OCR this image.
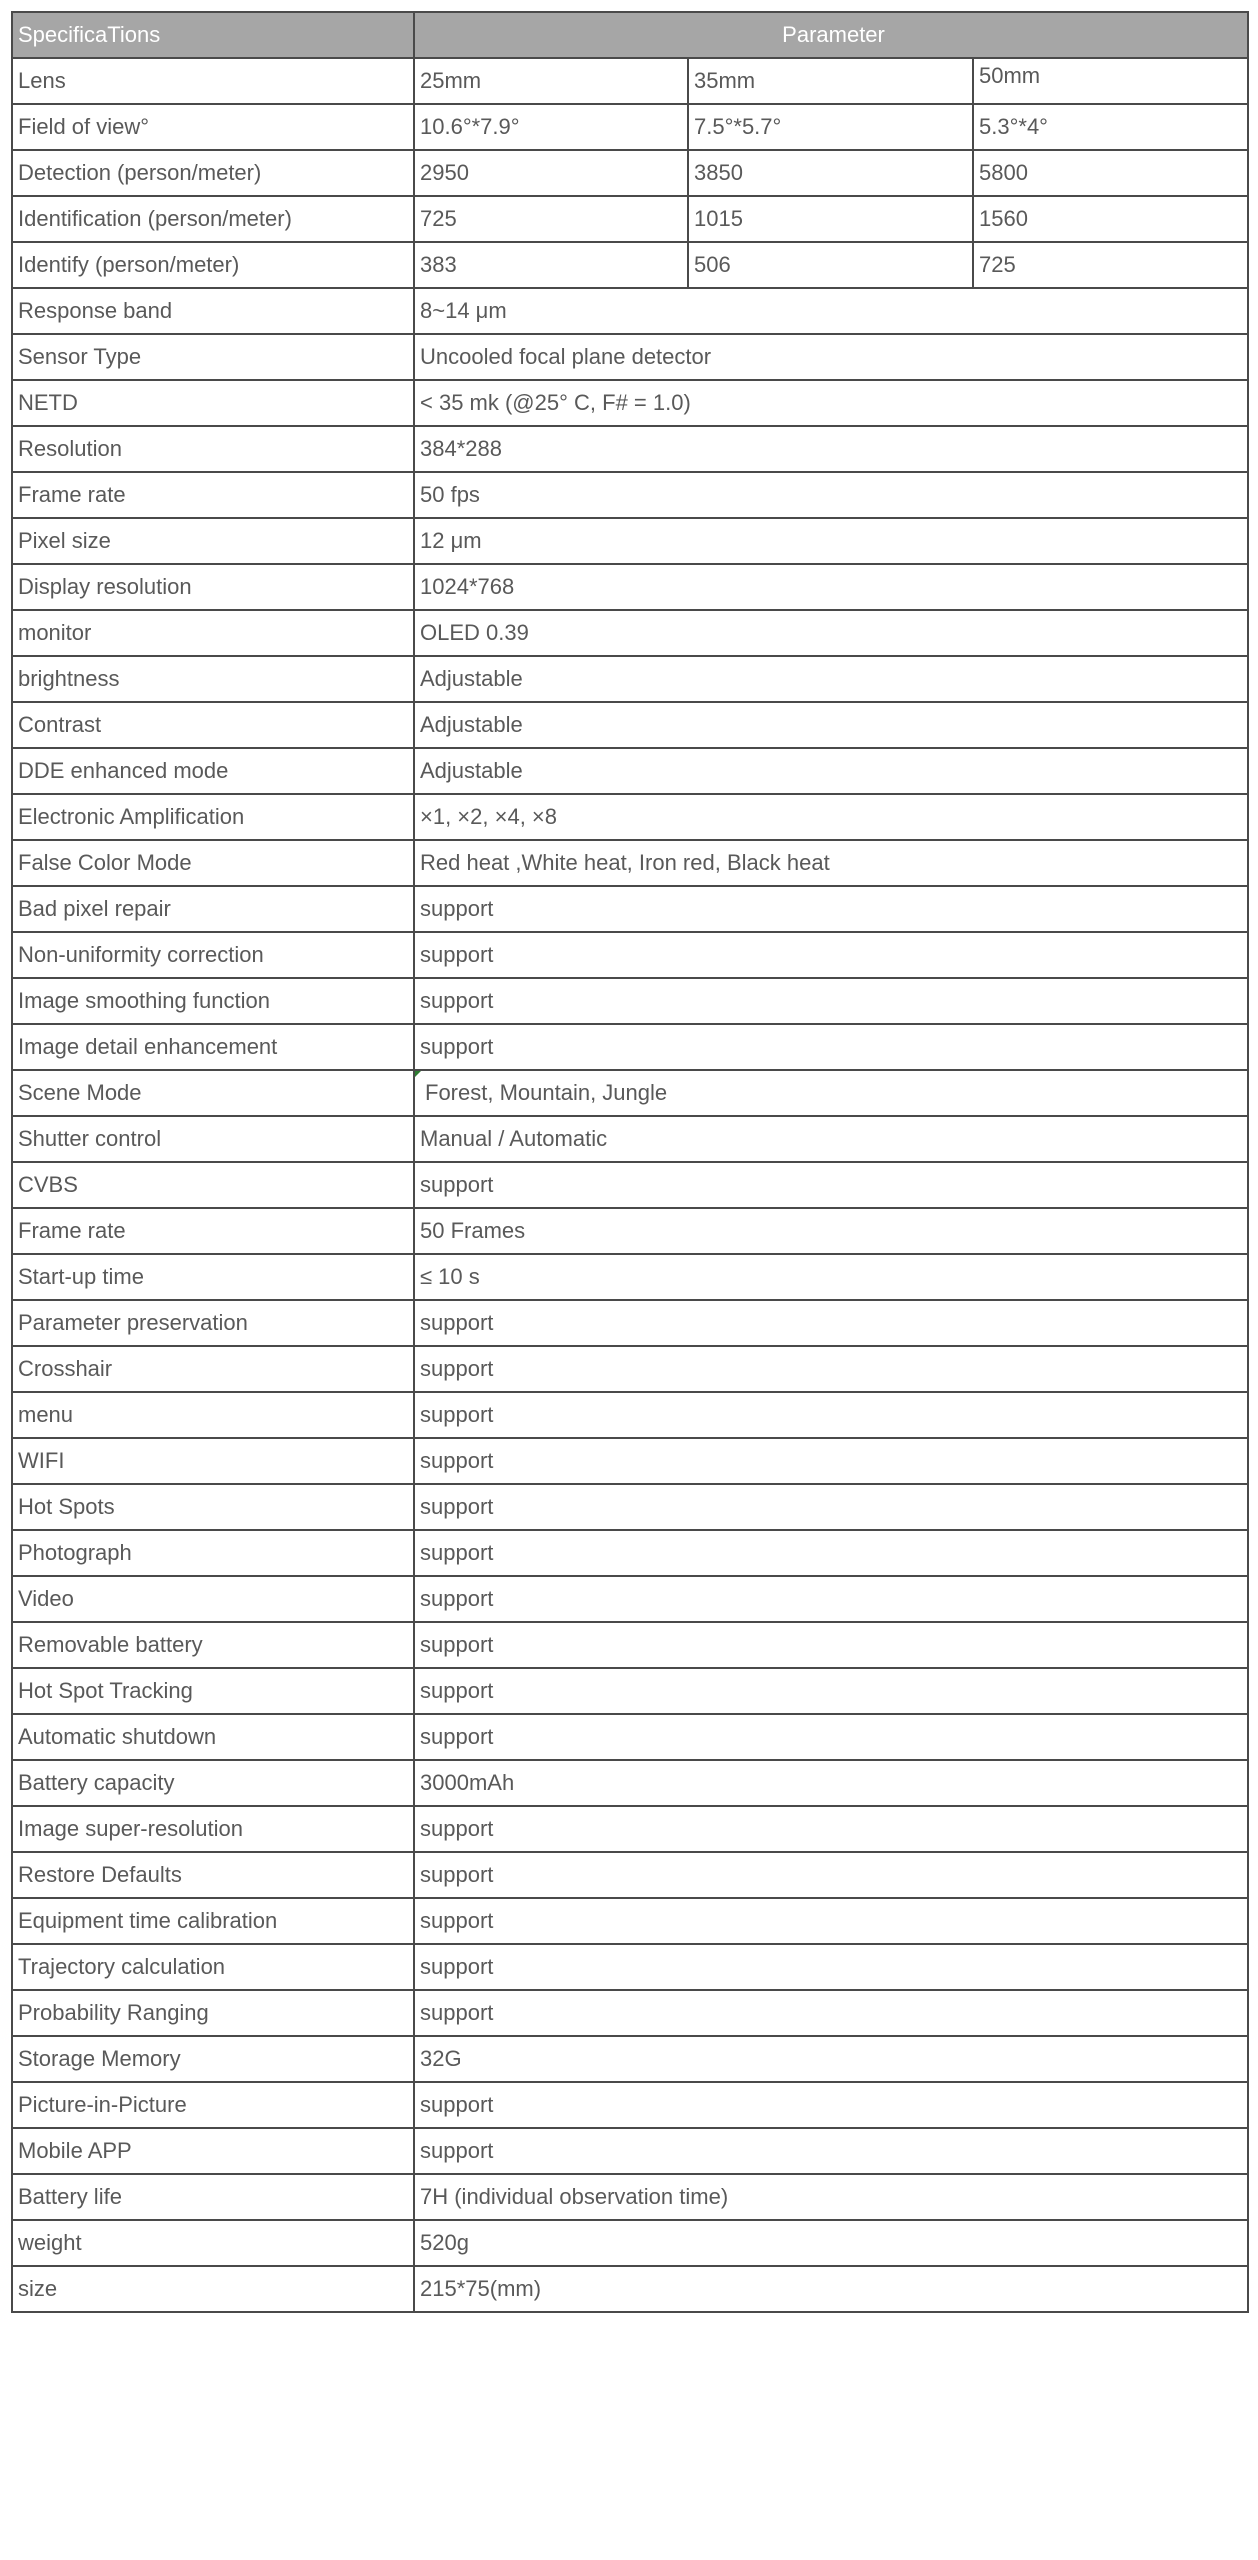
SpecificaTions	Parameter		
Lens	25mm	35mm	50mm
Field of view°	10.6°*7.9°	7.5°*5.7°	5.3°*4°
Detection (person/meter)	2950	3850	5800
Identification (person/meter)	725	1015	1560
Identify (person/meter)	383	506	725
Response band	8~14 μm		
Sensor Type	Uncooled focal plane detector		
NETD	< 35 mk (@25° C, F# = 1.0)		
Resolution	384*288		
Frame rate	50 fps		
Pixel size	12 μm		
Display resolution	1024*768		
monitor	OLED 0.39		
brightness	Adjustable		
Contrast	Adjustable		
DDE enhanced mode	Adjustable		
Electronic Amplification	×1, ×2, ×4, ×8		
False Color Mode	Red heat ,White heat, Iron red, Black heat		
Bad pixel repair	support		
Non-uniformity correction	support		
Image smoothing function	support		
Image detail enhancement	support		
Scene Mode	Forest, Mountain, Jungle		
Shutter control	Manual / Automatic		
CVBS	support		
Frame rate	50 Frames		
Start-up time	≤ 10 s		
Parameter preservation	support		
Crosshair	support		
menu	support		
WIFI	support		
Hot Spots	support		
Photograph	support		
Video	support		
Removable battery	support		
Hot Spot Tracking	support		
Automatic shutdown	support		
Battery capacity	3000mAh		
Image super-resolution	support		
Restore Defaults	support		
Equipment time calibration	support		
Trajectory calculation	support		
Probability Ranging	support		
Storage Memory	32G		
Picture-in-Picture	support		
Mobile APP	support		
Battery life	7H (individual observation time)		
weight	520g		
size	215*75(mm)		
